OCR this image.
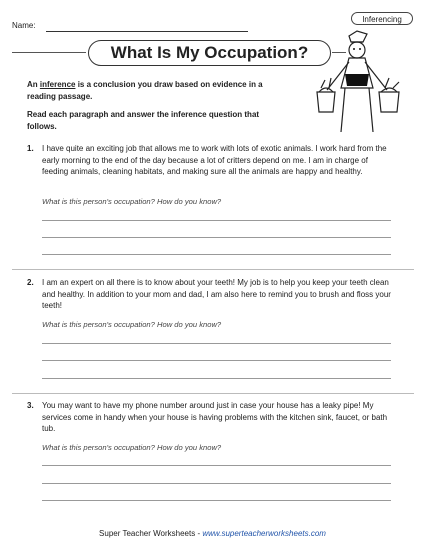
Name:
Inferencing
What Is My Occupation?
An inference is a conclusion you draw based on evidence in a reading passage.
Read each paragraph and answer the inference question that follows.
1. I have quite an exciting job that allows me to work with lots of exotic animals. I work hard from the early morning to the end of the day because a lot of critters depend on me. I am in charge of feeding animals, cleaning habitats, and making sure all the animals are happy and healthy.
What is this person's occupation? How do you know?
2. I am an expert on all there is to know about your teeth! My job is to help you keep your teeth clean and healthy. In addition to your mom and dad, I am also here to remind you to brush and floss your teeth!
What is this person's occupation? How do you know?
3. You may want to have my phone number around just in case your house has a leaky pipe! My services come in handy when your house is having problems with the kitchen sink, faucet, or bath tub.
What is this person's occupation? How do you know?
Super Teacher Worksheets - www.superteacherworksheets.com
